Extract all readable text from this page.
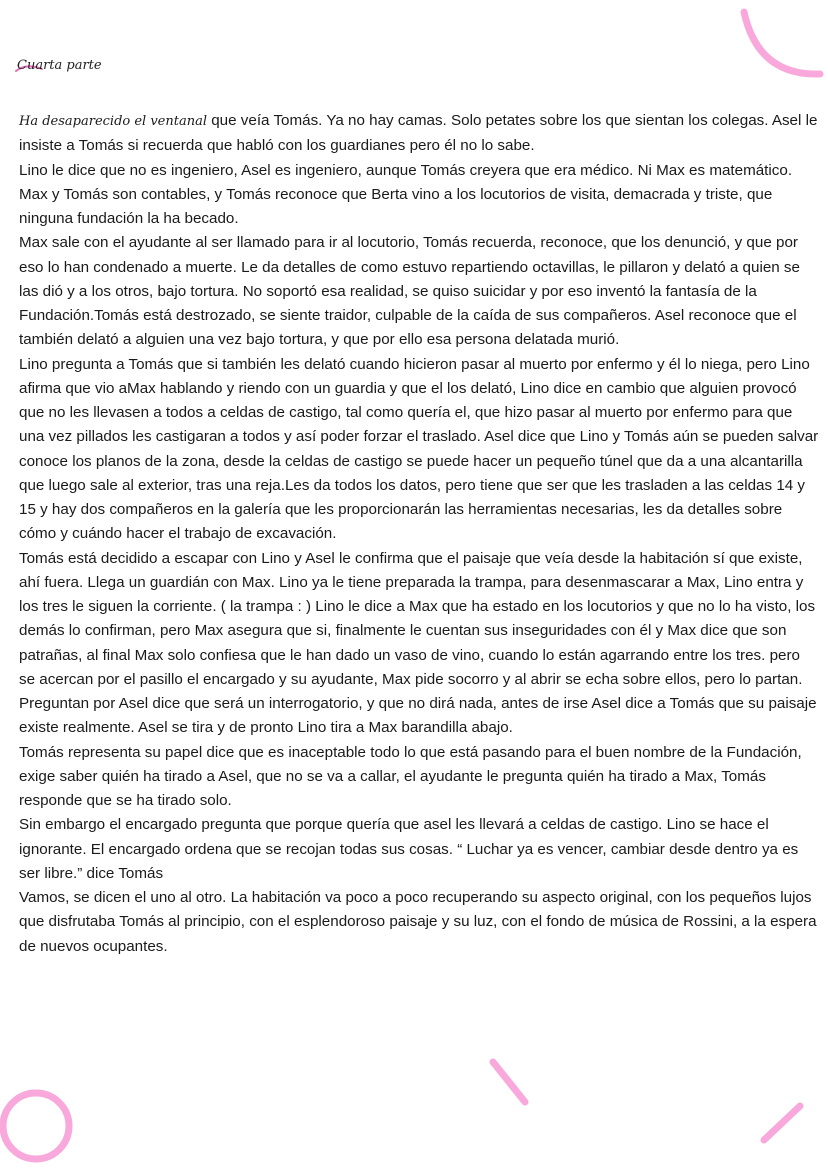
Cuarta parte

Ha desaparecido el ventanal que veía Tomás. Ya no hay camas. Solo petates sobre los que sientan los colegas. Asel le insiste a Tomás si recuerda que habló con los guardianes pero él no lo sabe.

Lino le dice que no es ingeniero, Asel es ingeniero, aunque Tomás creyera que era médico. Ni Max es matemático. Max y Tomás son contables, y Tomás reconoce que Berta vino a los locutorios de visita, demacrada y triste, que ninguna fundación la ha becado.

Max sale con el ayudante al ser llamado para ir al locutorio, Tomás recuerda, reconoce, que los denunció, y que por eso lo han condenado a muerte. Le da detalles de como estuvo repartiendo octavillas, le pillaron y delató a quien se las dió y a los otros, bajo tortura. No soportó esa realidad, se quiso suicidar y por eso inventó la fantasía de la Fundación.Tomás está destrozado, se siente traidor, culpable de la caída de sus compañeros. Asel reconoce que el también delató a alguien una vez bajo tortura, y que por ello esa persona delatada murió.

Lino pregunta a Tomás que si también les delató cuando hicieron pasar al muerto por enfermo y él lo niega, pero Lino afirma que vio aMax hablando y riendo con un guardia y que el los delató, Lino dice en cambio que alguien provocó que no les llevasen a todos a celdas de castigo, tal como quería el, que hizo pasar al muerto por enfermo para que una vez pillados les castigaran a todos y así poder forzar el traslado. Asel dice que Lino y Tomás aún se pueden salvar conoce los planos de la zona, desde la celdas de castigo se puede hacer un pequeño túnel que da a una alcantarilla que luego sale al exterior, tras una reja.Les da todos los datos, pero tiene que ser que les trasladen a las celdas 14 y 15 y hay dos compañeros en la galería que les proporcionarán las herramientas necesarias, les da detalles sobre cómo y cuándo hacer el trabajo de excavación.

Tomás está decidido a escapar con Lino y Asel le confirma que el paisaje que veía desde la habitación sí que existe, ahí fuera. Llega un guardián con Max. Lino ya le tiene preparada la trampa, para desenmascarar a Max, Lino entra y los tres le siguen la corriente. ( la trampa : ) Lino le dice a Max que ha estado en los locutorios y que no lo ha visto, los demás lo confirman, pero Max asegura que si, finalmente le cuentan sus inseguridades con él y Max dice que son patrañas, al final Max solo confiesa que le han dado un vaso de vino, cuando lo están agarrando entre los tres. pero se acercan por el pasillo el encargado y su ayudante, Max pide socorro y al abrir se echa sobre ellos, pero lo partan. Preguntan por Asel dice que será un interrogatorio, y que no dirá nada, antes de irse Asel dice a Tomás que su paisaje existe realmente. Asel se tira y de pronto Lino tira a Max barandilla abajo.

Tomás representa su papel dice que es inaceptable todo lo que está pasando para el buen nombre de la Fundación, exige saber quién ha tirado a Asel, que no se va a callar, el ayudante le pregunta quién ha tirado a Max, Tomás responde que se ha tirado solo.

Sin embargo el encargado pregunta que porque quería que asel les llevará a celdas de castigo. Lino se hace el ignorante. El encargado ordena que se recojan todas sus cosas. “ Luchar ya es vencer, cambiar desde dentro ya es ser libre.” dice Tomás

Vamos, se dicen el uno al otro. La habitación va poco a poco recuperando su aspecto original, con los pequeños lujos que disfrutaba Tomás al principio, con el esplendoroso paisaje y su luz, con el fondo de música de Rossini, a la espera de nuevos ocupantes.
